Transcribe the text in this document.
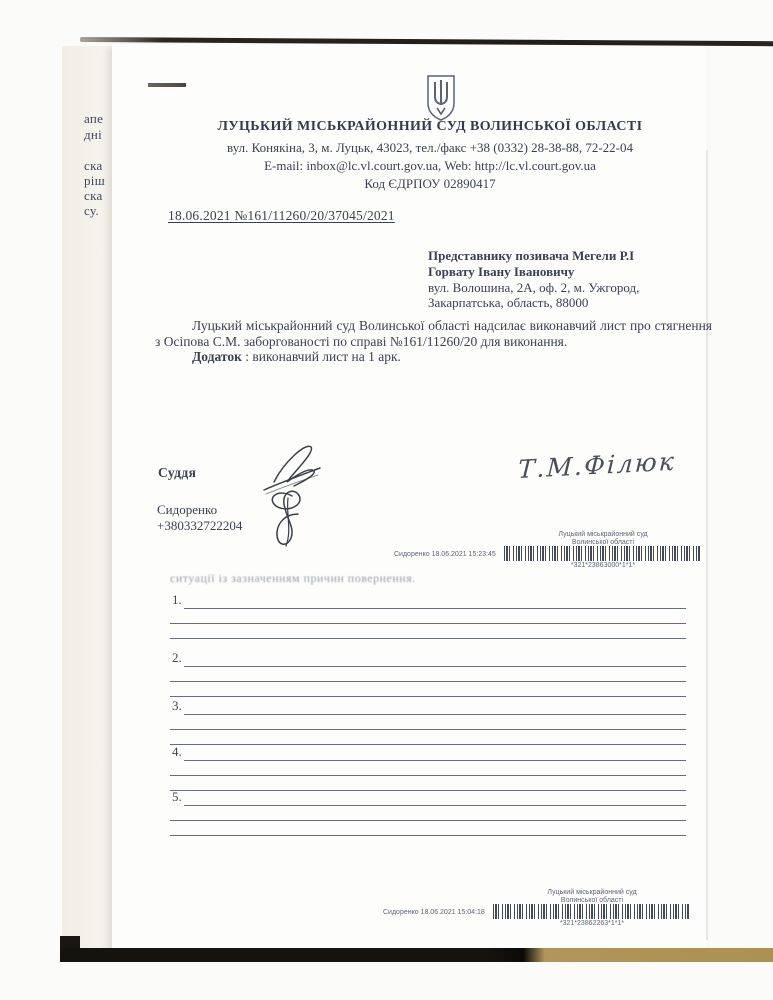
апе
дні
ска
ріш
ска
су.
ЛУЦЬКИЙ МІСЬКРАЙОННИЙ СУД ВОЛИНСЬКОЇ ОБЛАСТІ
вул. Конякіна, 3, м. Луцьк, 43023, тел./факс +38 (0332) 28-38-88, 72-22-04
E-mail: inbox@lc.vl.court.gov.ua, Web: http://lc.vl.court.gov.ua
Код ЄДРПОУ 02890417
18.06.2021 №161/11260/20/37045/2021
Представнику позивача Мегели Р.І
Горвату Івану Івановичу
вул. Волошина, 2А, оф. 2, м. Ужгород,
Закарпатська, область, 88000

Луцький міськрайонний суд Волинської області надсилає виконавчий лист про стягнення з Осіпова С.М. заборгованості по справі №161/11260/20 для виконання.

Додаток : виконавчий лист на 1 арк.

Суддя	Т.М.Філюк
Сидоренко
+380332722204
Луцький міськрайонний суд
Волинської області
Сидоренко 18.06.2021 15:23:45
*321*23863000*1*1*
ситуації із зазначенням причин повернення.
1.
2.
3.
4.
5.
Луцький міськрайонний суд
Волинської області
Сидоренко 18.06.2021 15:04:18
*321*23862263*1*1*
